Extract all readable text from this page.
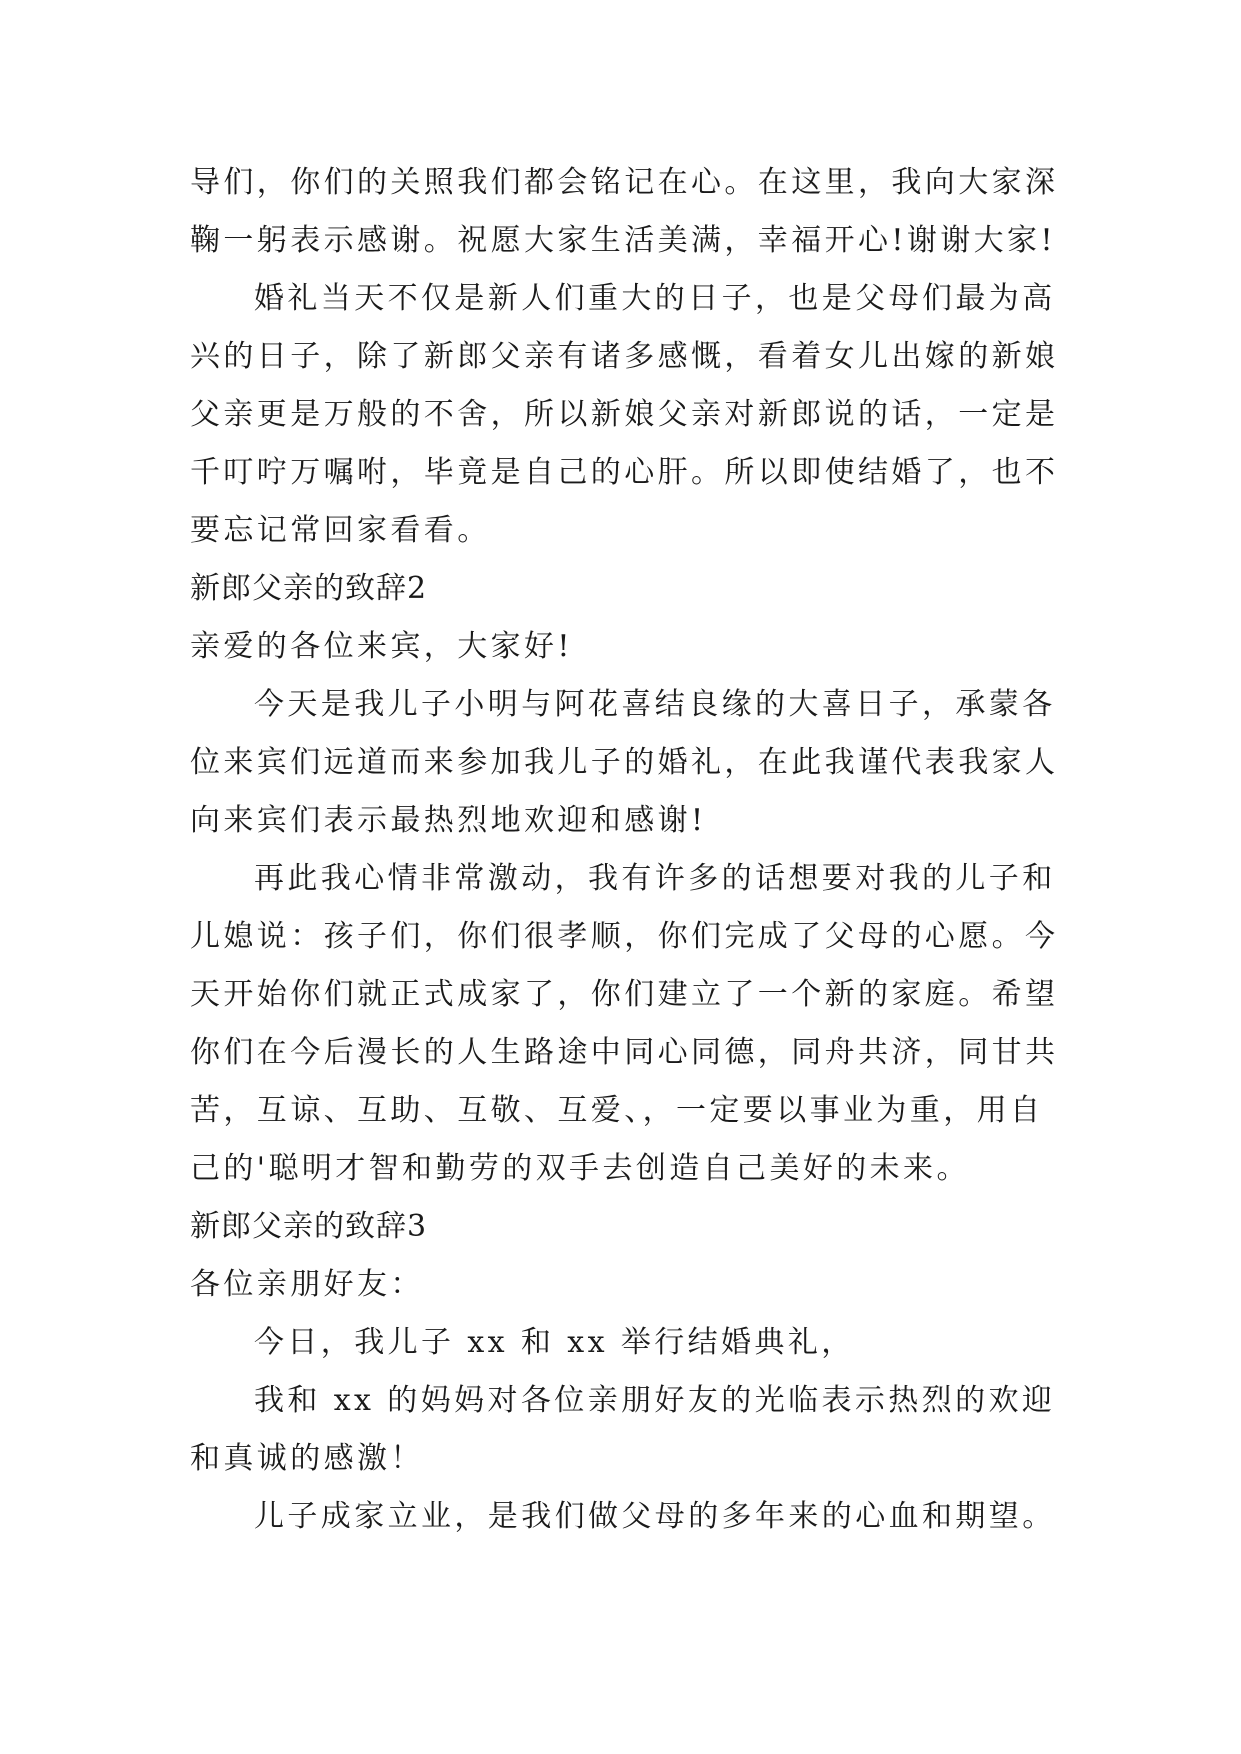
导们，你们的关照我们都会铭记在心。在这里，我向大家深
鞠一躬表示感谢。祝愿大家生活美满，幸福开心!谢谢大家!
婚礼当天不仅是新人们重大的日子，也是父母们最为高
兴的日子，除了新郎父亲有诸多感慨，看着女儿出嫁的新娘
父亲更是万般的不舍，所以新娘父亲对新郎说的话，一定是
千叮咛万嘱咐，毕竟是自己的心肝。所以即使结婚了，也不
要忘记常回家看看。
新郎父亲的致辞2
亲爱的各位来宾，大家好!
今天是我儿子小明与阿花喜结良缘的大喜日子，承蒙各
位来宾们远道而来参加我儿子的婚礼，在此我谨代表我家人
向来宾们表示最热烈地欢迎和感谢!
再此我心情非常激动，我有许多的话想要对我的儿子和
儿媳说：孩子们，你们很孝顺，你们完成了父母的心愿。今
天开始你们就正式成家了，你们建立了一个新的家庭。希望
你们在今后漫长的人生路途中同心同德，同舟共济，同甘共
苦，互谅、互助、互敬、互爱、，一定要以事业为重，用自
己的'聪明才智和勤劳的双手去创造自己美好的未来。
新郎父亲的致辞3
各位亲朋好友：
今日，我儿子 xx 和 xx 举行结婚典礼，
我和 xx 的妈妈对各位亲朋好友的光临表示热烈的欢迎
和真诚的感激！
儿子成家立业，是我们做父母的多年来的心血和期望。
